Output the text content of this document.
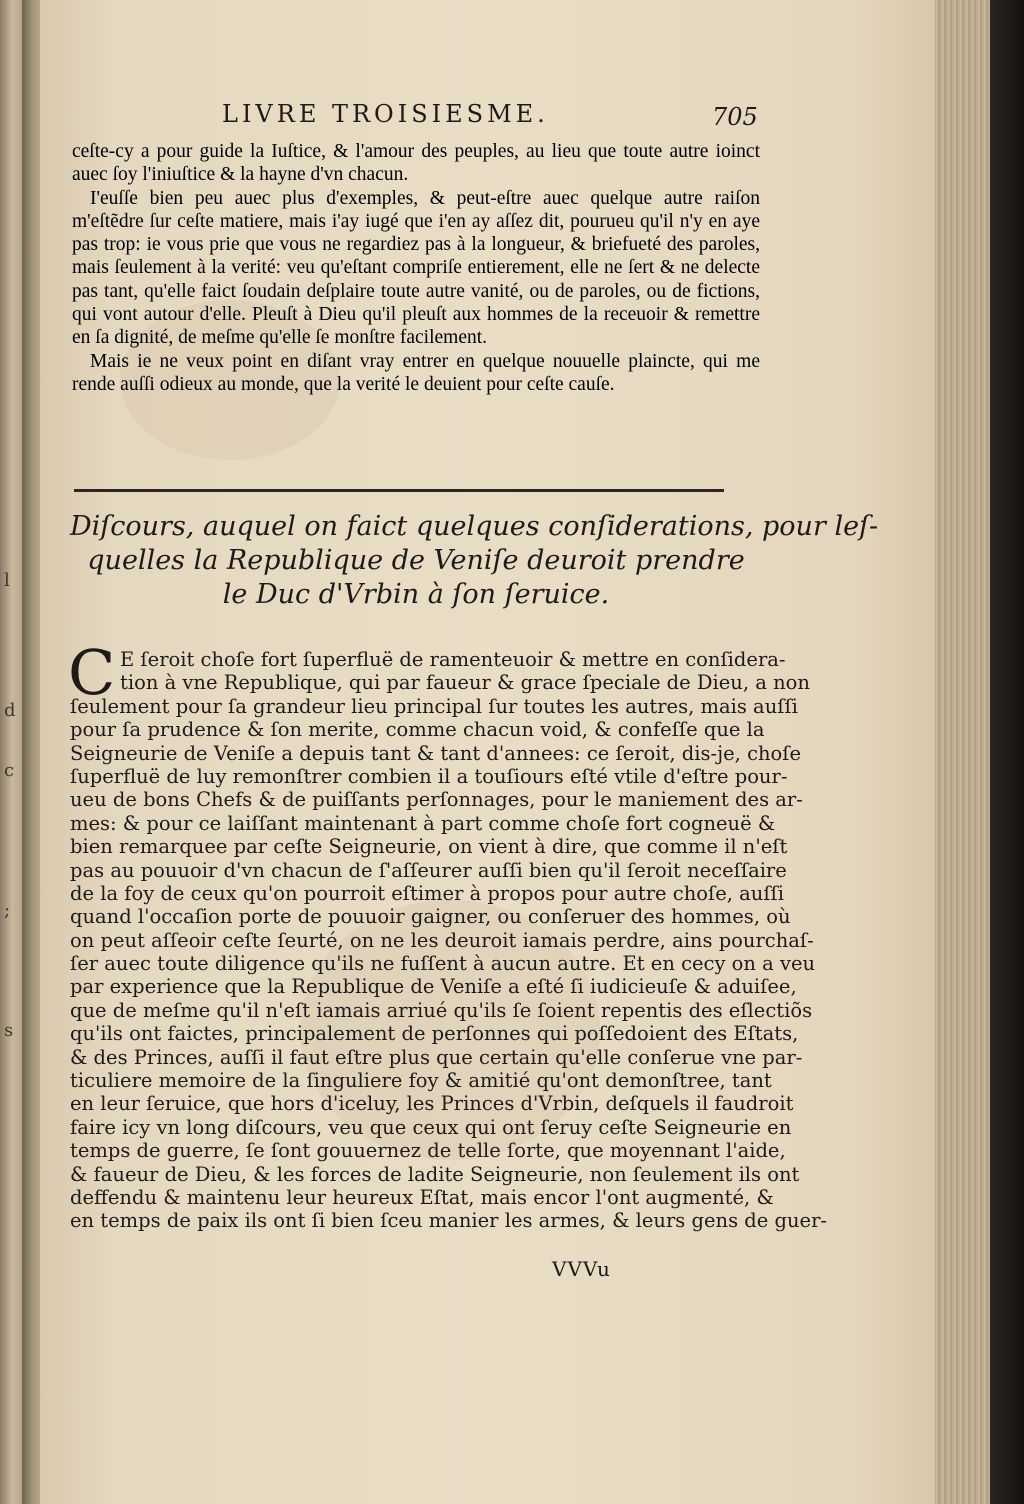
l
d
c
;
s
LIVRE TROISIESME.	705

ceſte-cy a pour guide la Iuſtice, & l'amour des peuples, au lieu que toute autre ioinct auec ſoy l'iniuſtice & la hayne d'vn chacun.

I'euſſe bien peu auec plus d'exemples, & peut-eſtre auec quelque autre raiſon m'eſtẽdre ſur ceſte matiere, mais i'ay iugé que i'en ay aſſez dit, pourueu qu'il n'y en aye pas trop: ie vous prie que vous ne regardiez pas à la longueur, & briefueté des paroles, mais ſeulement à la verité: veu qu'eſtant compriſe entierement, elle ne ſert & ne delecte pas tant, qu'elle faict ſoudain deſplaire toute autre vanité, ou de paroles, ou de fictions, qui vont autour d'elle. Pleuſt à Dieu qu'il pleuſt aux hommes de la receuoir & remettre en ſa dignité, de meſme qu'elle ſe monſtre facilement.

Mais ie ne veux point en diſant vray entrer en quelque nouuelle plaincte, qui me rende auſſi odieux au monde, que la verité le deuient pour ceſte cauſe.

Diſcours, auquel on faict quelques conſiderations, pour leſ-
quelles la Republique de Veniſe deuroit prendre
le Duc d'Vrbin à ſon ſeruice.
C E ſeroit choſe fort ſuperfluë de ramenteuoir & mettre en conſidera-
tion à vne Republique, qui par faueur & grace ſpeciale de Dieu, a non
ſeulement pour ſa grandeur lieu principal ſur toutes les autres, mais auſſi
pour ſa prudence & ſon merite, comme chacun void, & confeſſe que la
Seigneurie de Veniſe a depuis tant & tant d'annees: ce ſeroit, dis-je, choſe
ſuperfluë de luy remonſtrer combien il a touſiours eſté vtile d'eſtre pour-
ueu de bons Chefs & de puiſſants perſonnages, pour le maniement des ar-
mes: & pour ce laiſſant maintenant à part comme choſe fort cogneuë &
bien remarquee par ceſte Seigneurie, on vient à dire, que comme il n'eſt
pas au pouuoir d'vn chacun de ſ'aſſeurer auſſi bien qu'il ſeroit neceſſaire
de la foy de ceux qu'on pourroit eſtimer à propos pour autre choſe, auſſi
quand l'occaſion porte de pouuoir gaigner, ou conſeruer des hommes, où
on peut aſſeoir ceſte ſeurté, on ne les deuroit iamais perdre, ains pourchaſ-
ſer auec toute diligence qu'ils ne fuſſent à aucun autre. Et en cecy on a veu
par experience que la Republique de Veniſe a eſté ſi iudicieuſe & aduiſee,
que de meſme qu'il n'eſt iamais arriué qu'ils ſe ſoient repentis des eſlectiõs
qu'ils ont faictes, principalement de perſonnes qui poſſedoient des Eſtats,
& des Princes, auſſi il faut eſtre plus que certain qu'elle conſerue vne par-
ticuliere memoire de la ſinguliere foy & amitié qu'ont demonſtree, tant
en leur ſeruice, que hors d'iceluy, les Princes d'Vrbin, deſquels il faudroit
faire icy vn long diſcours, veu que ceux qui ont ſeruy ceſte Seigneurie en
temps de guerre, ſe ſont gouuernez de telle ſorte, que moyennant l'aide,
& faueur de Dieu, & les forces de ladite Seigneurie, non ſeulement ils ont
deffendu & maintenu leur heureux Eſtat, mais encor l'ont augmenté, &
en temps de paix ils ont ſi bien ſceu manier les armes, & leurs gens de guer-
VVVu
